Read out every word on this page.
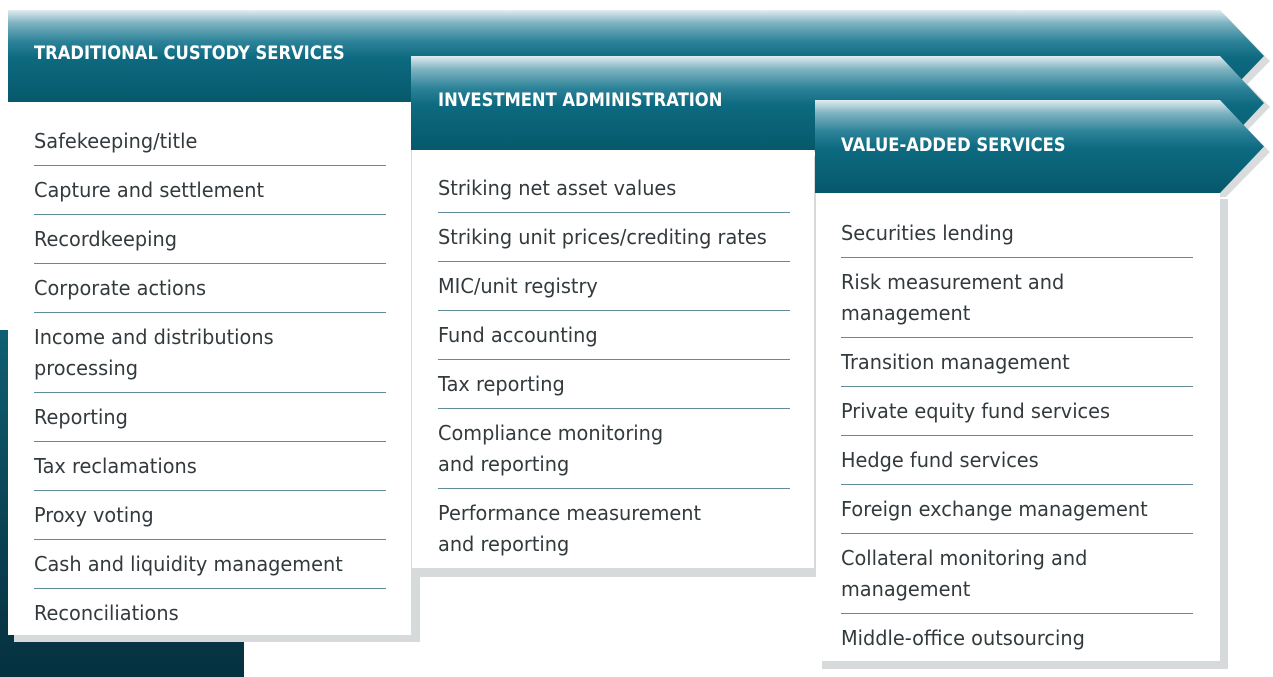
TRADITIONAL CUSTODY SERVICES
INVESTMENT ADMINISTRATION
VALUE-ADDED SERVICES
Safekeeping/title
Capture and settlement
Recordkeeping
Corporate actions
Income and distributions processing
Reporting
Tax reclamations
Proxy voting
Cash and liquidity management
Reconciliations
Striking net asset values
Striking unit prices/crediting rates
MIC/unit registry
Fund accounting
Tax reporting
Compliance monitoring and reporting
Performance measurement and reporting
Securities lending
Risk measurement and management
Transition management
Private equity fund services
Hedge fund services
Foreign exchange management
Collateral monitoring and management
Middle-office outsourcing
